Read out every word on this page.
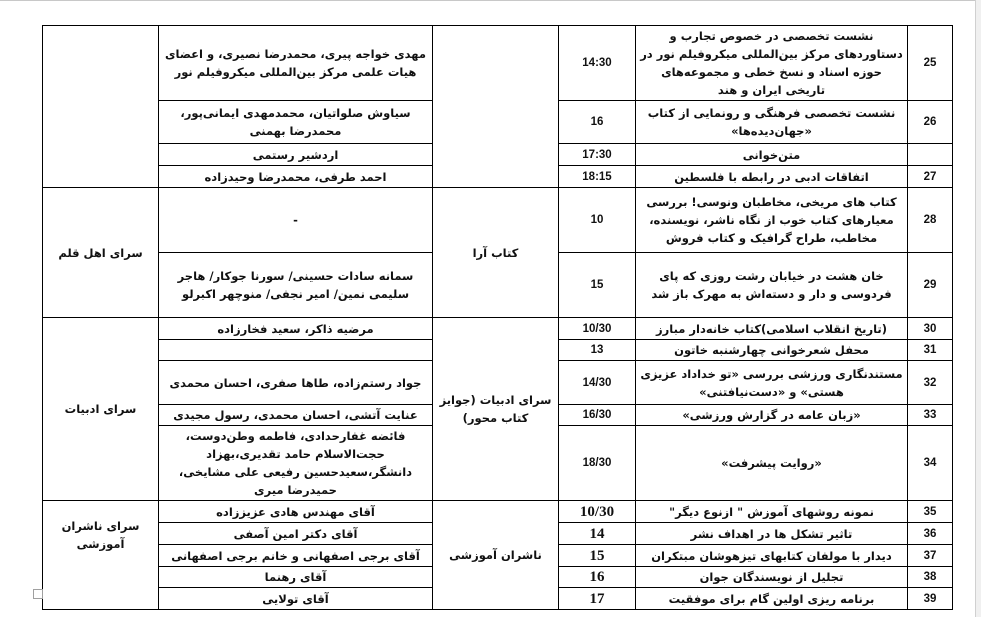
25	نشست تخصصی در خصوص تجارب و دستاوردهای مرکز بین‌المللی میکروفیلم نور در حوزه اسناد و نسخ خطی و مجموعه‌های تاریخی ایران و هند	14:30		مهدی خواجه پیری، محمدرضا نصیری، و اعضای هیات علمی مرکز بین‌المللی میکروفیلم نور	
26	نشست تخصصی فرهنگی و رونمایی از کتاب «جهان‌دیده‌ها»	16		سیاوش صلواتیان، محمدمهدی ایمانی‌پور، محمدرضا بهمنی	
	متن‌خوانی	17:30		اردشیر رستمی	
27	اتفاقات ادبی در رابطه با فلسطین	18:15		احمد طرفی، محمدرضا وحیدزاده	
28	کتاب های مریخی، مخاطبان ونوسی! بررسی معیارهای کتاب خوب از نگاه ناشر، نویسنده، مخاطب، طراح گرافیک و کتاب فروش	10	کتاب آرا	-	سرای اهل قلم
29	خان هشت در خیابان رشت روزی که پای فردوسی و دار و دسته‌اش به مهرک باز شد	15		سمانه سادات حسینی/ سورنا جوکار/ هاجر سلیمی نمین/ امیر نجفی/ منوچهر اکبرلو	
30	(تاریخ انقلاب اسلامی)کتاب خانه‌دار مبارز	10/30	سرای ادبیات (جوایز کتاب محور)	مرضیه ذاکر، سعید فخارزاده	سرای ادبیات
31	محفل شعرخوانی چهارشنبه خاتون	13			
32	مستندنگاری ورزشی بررسی «تو خداداد عزیزی هستی» و «دست‌نیافتنی»	14/30		جواد رستم‌زاده، طاها صفری، احسان محمدی	
33	«زبان عامه در گزارش ورزشی»	16/30		عنایت آتشی، احسان محمدی، رسول مجیدی	
34	«روایت پیشرفت»	18/30		فائضه غفارحدادی، فاطمه وطن‌دوست، حجت‌الاسلام حامد تقدیری،بهزاد دانشگر،سعیدحسین رفیعی علی مشایخی، حمیدرضا میری	
35	نمونه روشهای آموزش " ازنوع دیگر"	10/30	ناشران آموزشی	آقای مهندس هادی عزیززاده	سرای ناشران آموزشی
36	تاثیر تشکل ها در اهداف نشر	14		آقای دکتر امین آصفی	
37	دیدار با مولفان کتابهای تیزهوشان مبتکران	15		آقای برجی اصفهانی و خانم برجی اصفهانی	
38	تجلیل از نویسندگان جوان	16		آقای رهنما	
39	برنامه ریزی اولین گام برای موفقیت	17		آقای تولایی	
